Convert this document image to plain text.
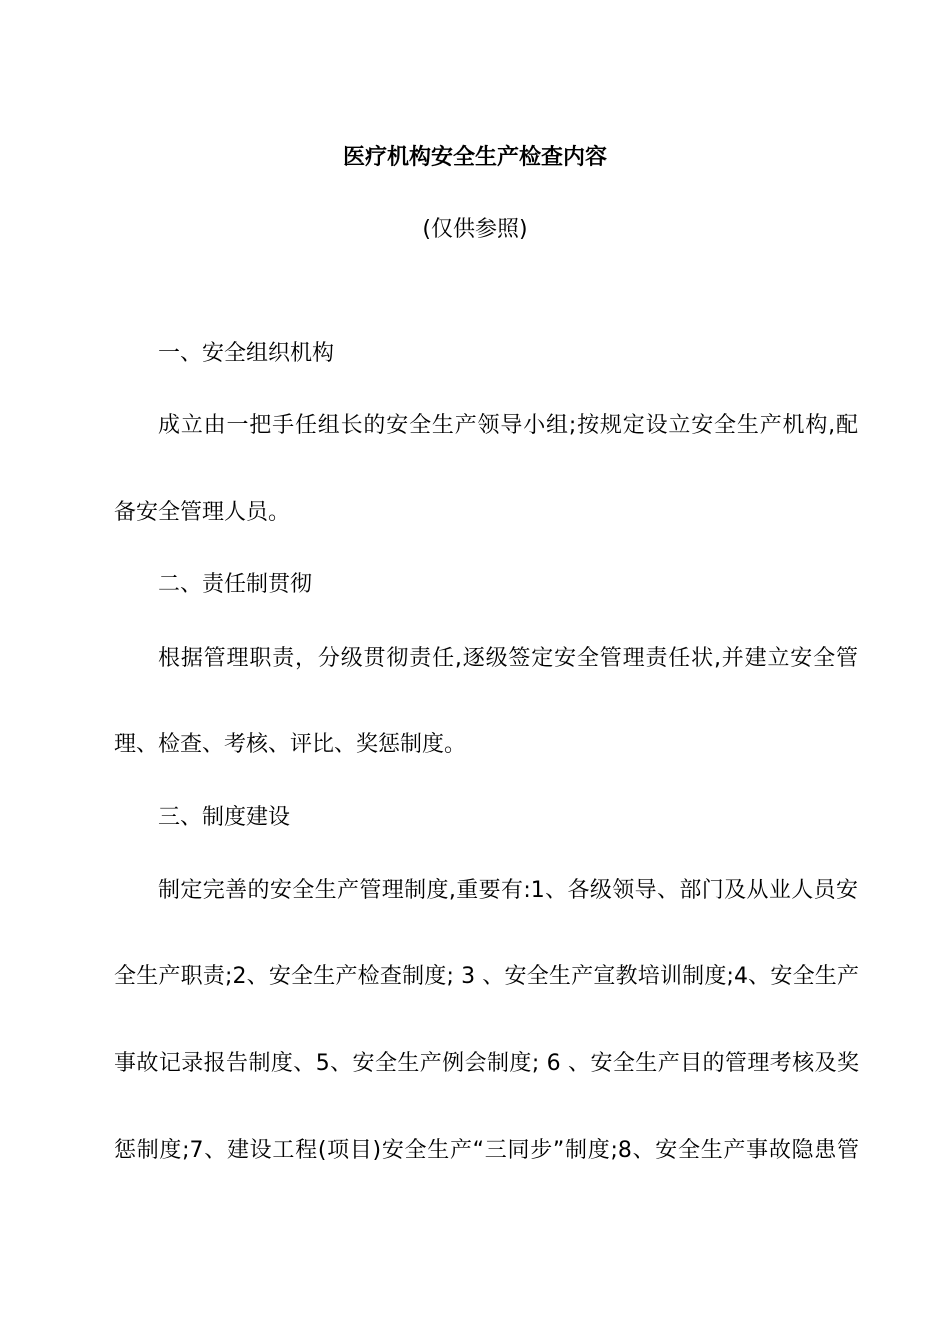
医疗机构安全生产检查内容
(仅供参照)
一、安全组织机构
成立由一把手任组长的安全生产领导小组;按规定设立安全生产机构,配
备安全管理人员。
二、责任制贯彻
根据管理职责，分级贯彻责任,逐级签定安全管理责任状,并建立安全管
理、检查、考核、评比、奖惩制度。
三、制度建设
制定完善的安全生产管理制度,重要有:1、各级领导、部门及从业人员安
全生产职责;2、安全生产检查制度; 3 、安全生产宣教培训制度;4、安全生产
事故记录报告制度、5、安全生产例会制度; 6 、安全生产目的管理考核及奖
惩制度;7、建设工程(项目)安全生产“三同步”制度;8、安全生产事故隐患管
